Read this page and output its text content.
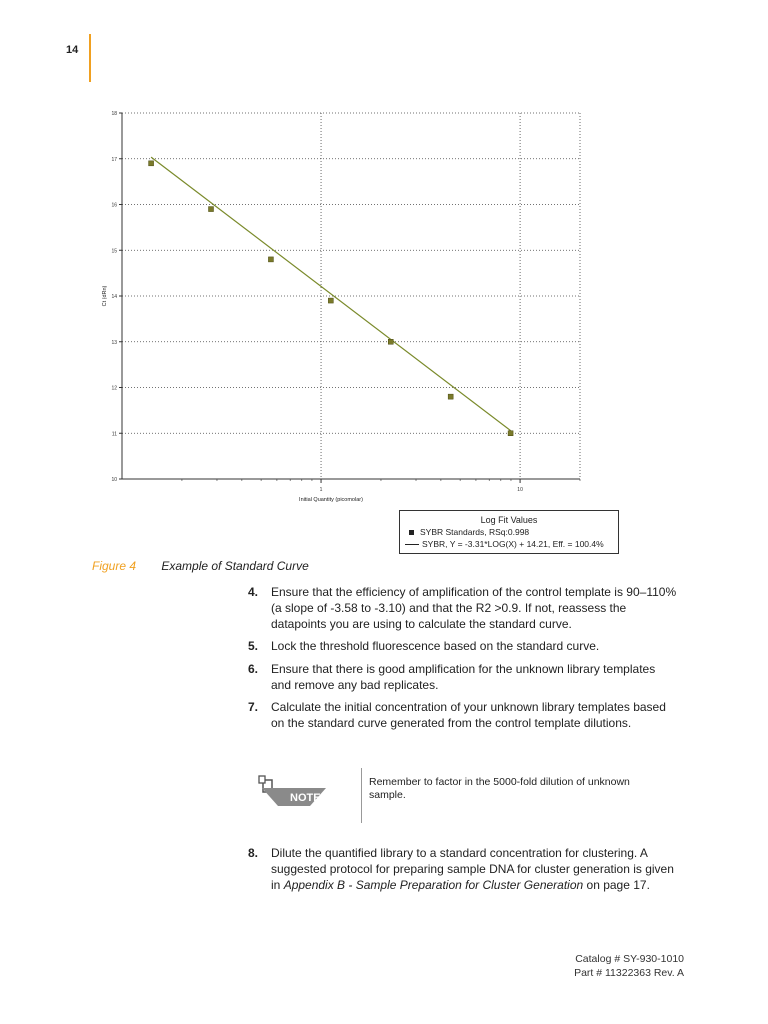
14
10
11
12
13
14
15
16
17
18
1	10
Initial Quantity (picomolar)
Ct (dRn)
Log Fit Values
SYBR Standards, RSq:0.998
SYBR, Y = -3.31*LOG(X) + 14.21, Eff. = 100.4%
Figure 4 Example of Standard Curve
4. Ensure that the efficiency of amplification of the control template is 90–110% (a slope of -3.58 to -3.10) and that the R2 >0.9. If not, reassess the datapoints you are using to calculate the standard curve.
5. Lock the threshold fluorescence based on the standard curve.
6. Ensure that there is good amplification for the unknown library templates and remove any bad replicates.
7. Calculate the initial concentration of your unknown library templates based on the standard curve generated from the control template dilutions.
8. Dilute the quantified library to a standard concentration for clustering. A suggested protocol for preparing sample DNA for cluster generation is given in Appendix B - Sample Preparation for Cluster Generation on page 17.
NOTE
Remember to factor in the 5000-fold dilution of unknown sample.
Catalog # SY-930-1010
Part # 11322363 Rev. A
